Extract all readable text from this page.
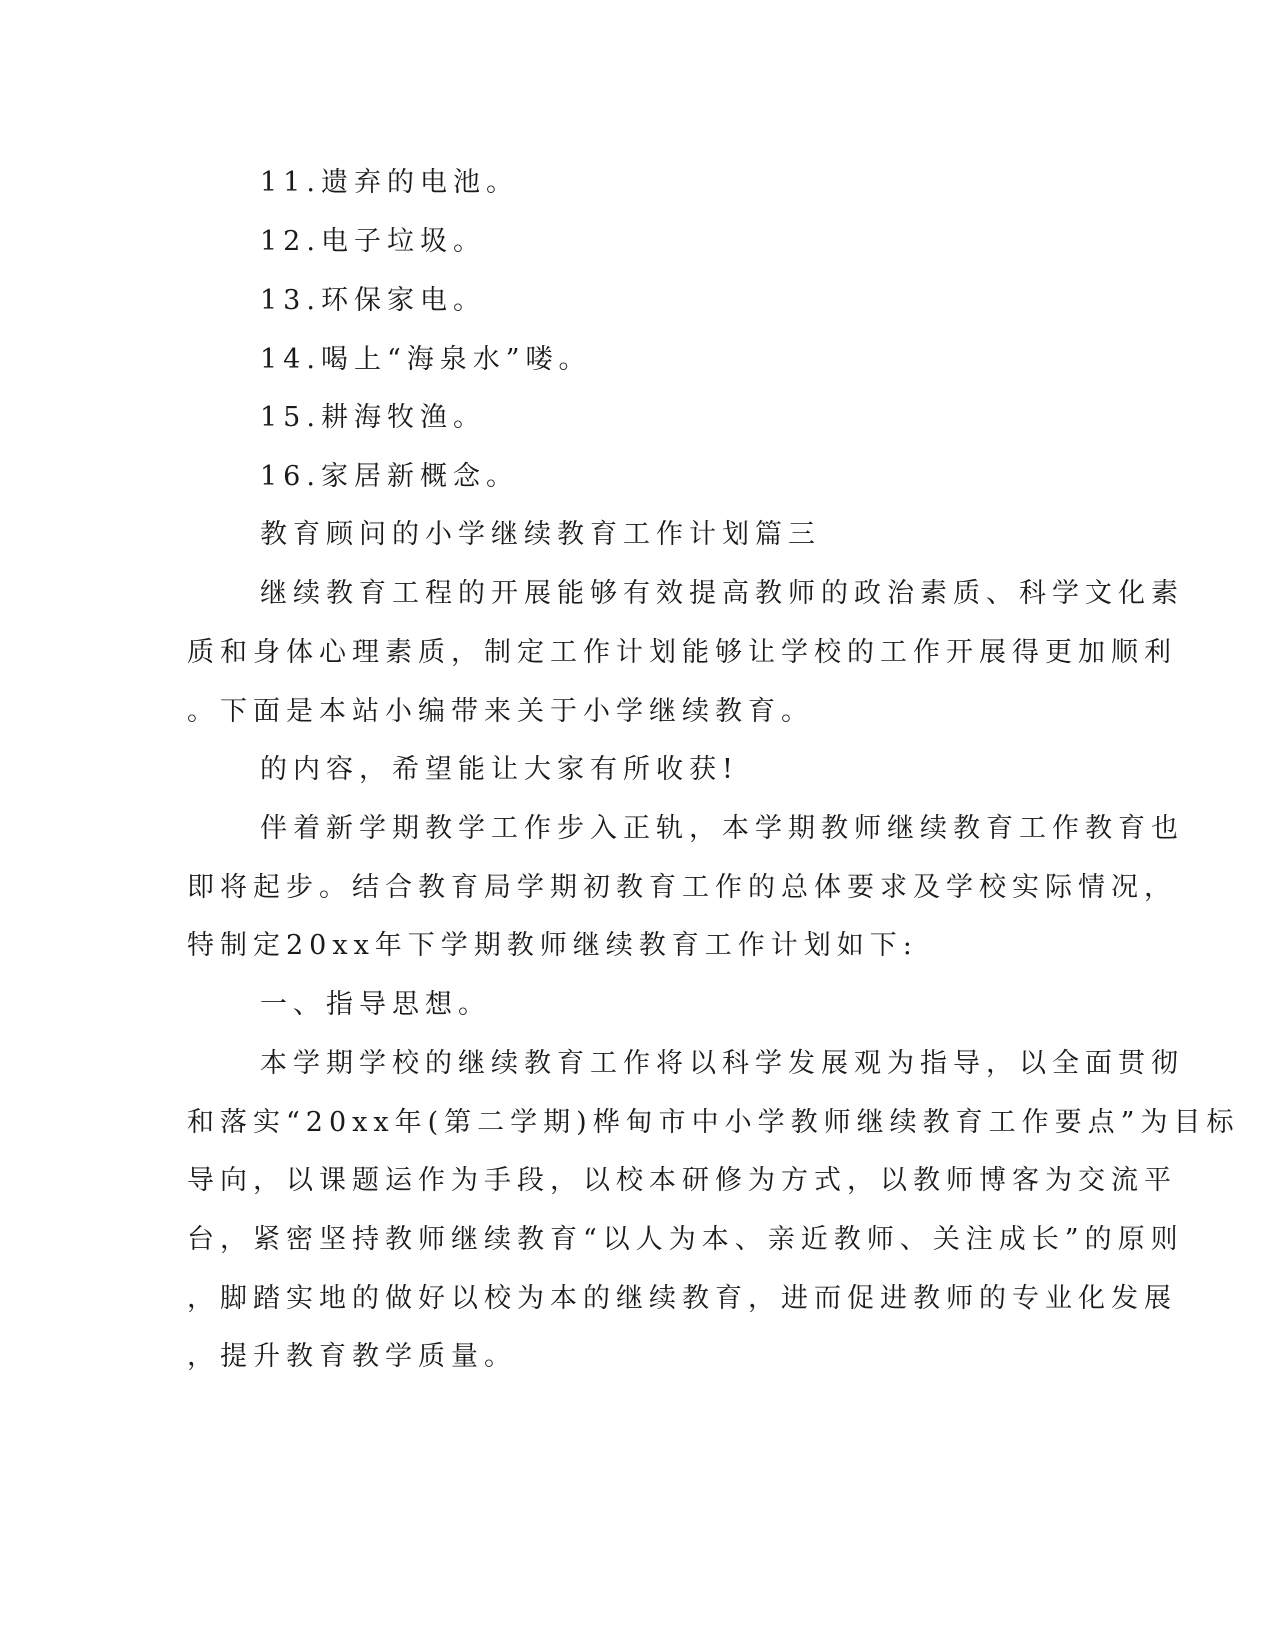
11.遗弃的电池。
12.电子垃圾。
13.环保家电。
14.喝上“海泉水”喽。
15.耕海牧渔。
16.家居新概念。
教育顾问的小学继续教育工作计划篇三
继续教育工程的开展能够有效提高教师的政治素质、科学文化素
质和身体心理素质，制定工作计划能够让学校的工作开展得更加顺利
。下面是本站小编带来关于小学继续教育。
的内容，希望能让大家有所收获!
伴着新学期教学工作步入正轨，本学期教师继续教育工作教育也
即将起步。结合教育局学期初教育工作的总体要求及学校实际情况，
特制定20xx年下学期教师继续教育工作计划如下:
一、指导思想。
本学期学校的继续教育工作将以科学发展观为指导，以全面贯彻
和落实“20xx年(第二学期)桦甸市中小学教师继续教育工作要点”为目标
导向，以课题运作为手段，以校本研修为方式，以教师博客为交流平
台，紧密坚持教师继续教育“以人为本、亲近教师、关注成长”的原则
，脚踏实地的做好以校为本的继续教育，进而促进教师的专业化发展
，提升教育教学质量。
